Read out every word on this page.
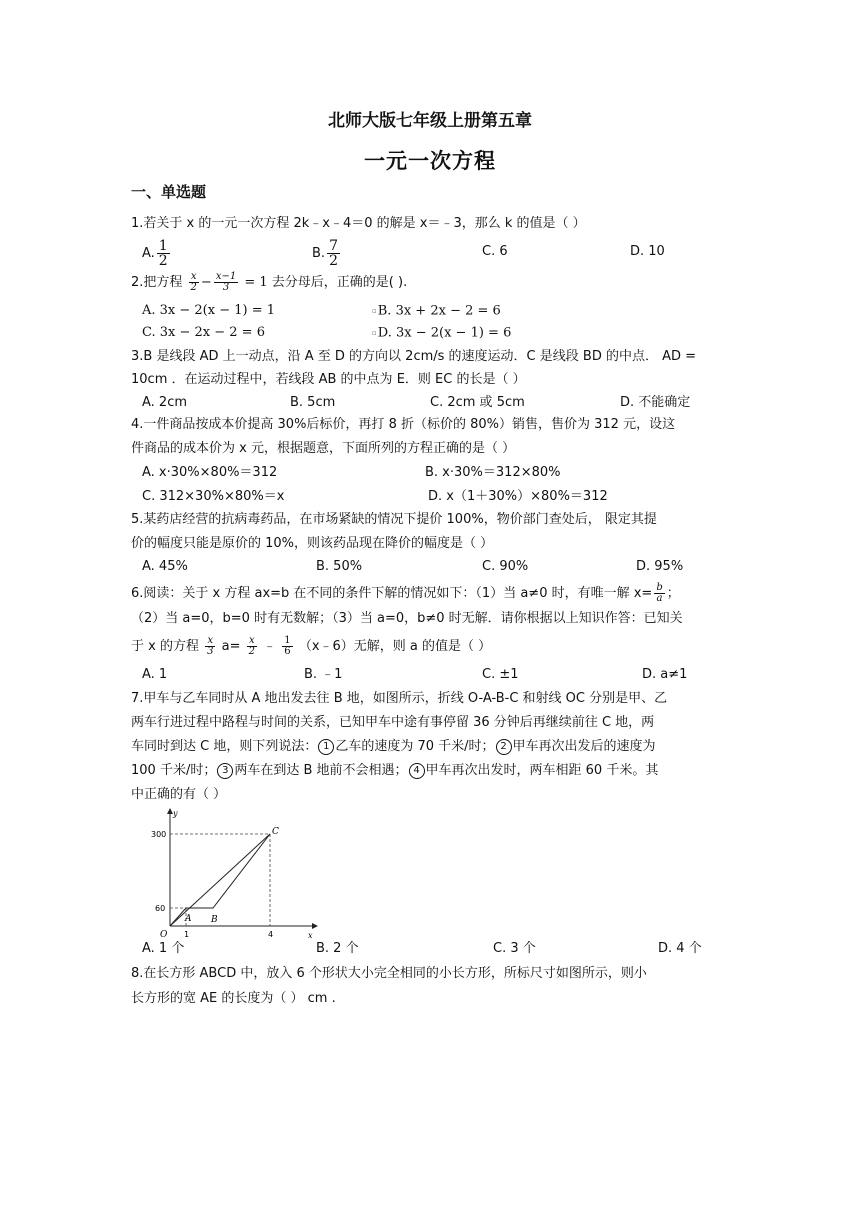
北师大版七年级上册第五章
一元一次方程
一、单选题
1.若关于 x 的一元一次方程 2k﹣x﹣4＝0 的解是 x＝﹣3，那么 k 的值是（ ）
A. $\frac{1}{2}$	B. $\frac{7}{2}$	C. 6	D. 10
2.把方程 $\frac{x}{2} - \frac{x-1}{3} = 1$ 去分母后，正确的是( ).
A. 3x − 2(x − 1) = 1	▫B. 3x + 2x − 2 = 6
C. 3x − 2x − 2 = 6	▫D. 3x − 2(x − 1) = 6
3.B 是线段 AD 上一动点，沿 A 至 D 的方向以 2cm/s 的速度运动．C 是线段 BD 的中点． AD =
10cm ．在运动过程中，若线段 AB 的中点为 E．则 EC 的长是（ ）
A. 2cm	B. 5cm	C. 2cm 或 5cm	D. 不能确定
4.一件商品按成本价提高 30%后标价，再打 8 折（标价的 80%）销售，售价为 312 元，设这
件商品的成本价为 x 元，根据题意，下面所列的方程正确的是（ ）
A. x·30%×80%＝312	B. x·30%＝312×80%
C. 312×30%×80%＝x	D. x（1＋30%）×80%＝312
5.某药店经营的抗病毒药品，在市场紧缺的情况下提价 100%，物价部门查处后， 限定其提
价的幅度只能是原价的 10%，则该药品现在降价的幅度是（ ）
A. 45%	B. 50%	C. 90%	D. 95%
6.阅读：关于 x 方程 ax=b 在不同的条件下解的情况如下：（1）当 a≠0 时，有唯一解 $x= \frac{b}{a}$ ；
（2）当 a=0，b=0 时有无数解；（3）当 a=0，b≠0 时无解．请你根据以上知识作答：已知关
于 x 的方程 $\frac{x}{3} a= \frac{x}{2}$ ﹣ $\frac{1}{6}$ （x﹣6）无解，则 a 的值是（ ）
A. 1	B. ﹣1	C. ±1	D. a≠1
7.甲车与乙车同时从 A 地出发去往 B 地，如图所示，折线 O-A-B-C 和射线 OC 分别是甲、乙
两车行进过程中路程与时间的关系，已知甲车中途有事停留 36 分钟后再继续前往 C 地，两
车同时到达 C 地，则下列说法： 1 乙车的速度为 70 千米/时； 2 甲车再次出发后的速度为
100 千米/时； 3 两车在到达 B 地前不会相遇； 4 甲车再次出发时，两车相距 60 千米。其
中正确的有（ ）
y
x
O
300
60
1	4
A B
C
A. 1 个	B. 2 个	C. 3 个	D. 4 个
8.在长方形 ABCD 中，放入 6 个形状大小完全相同的小长方形，所标尺寸如图所示，则小
长方形的宽 AE 的长度为（ ） cm .
